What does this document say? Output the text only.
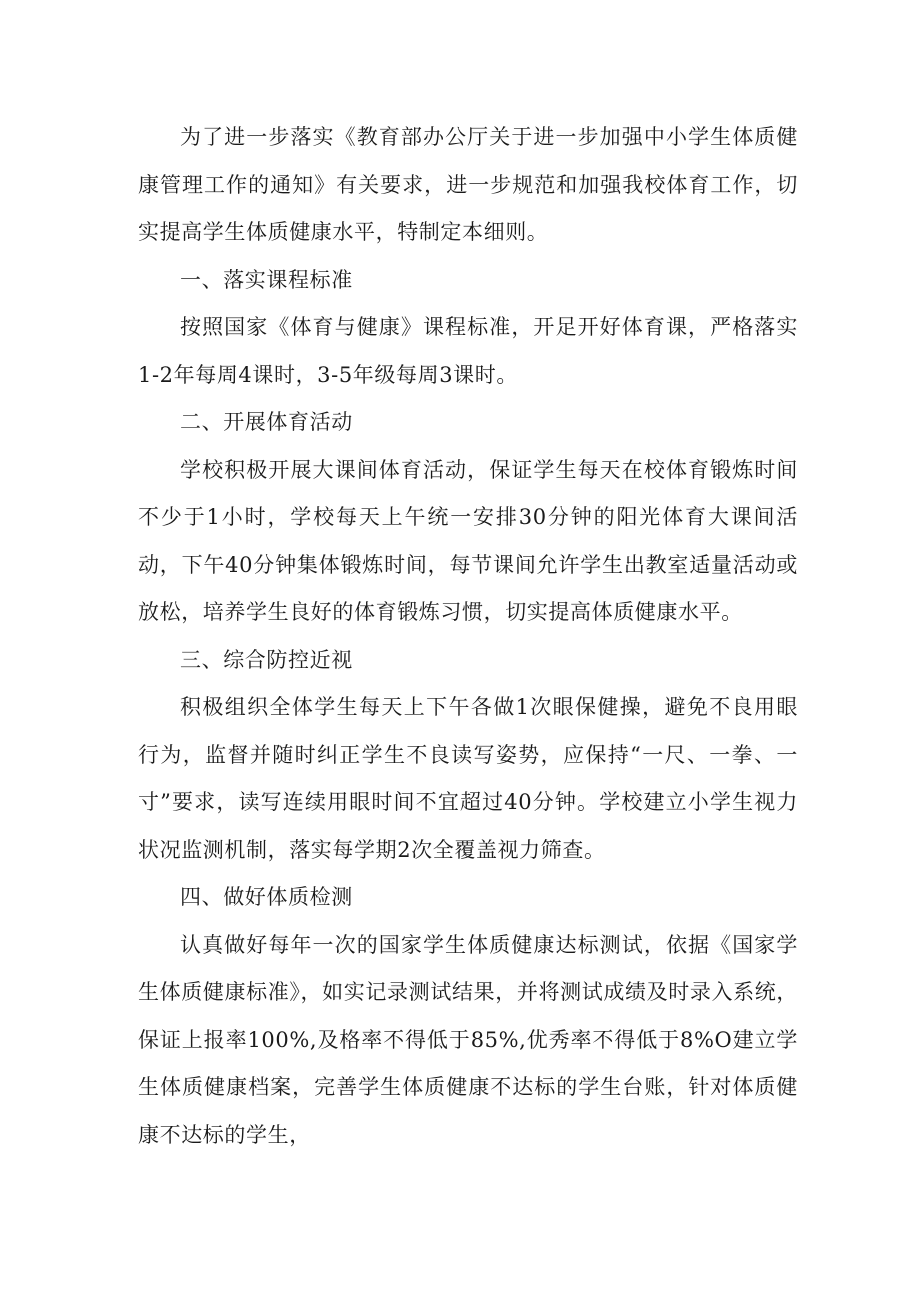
为了进一步落实《教育部办公厅关于进一步加强中小学生体质健康管理工作的通知》有关要求，进一步规范和加强我校体育工作，切实提高学生体质健康水平，特制定本细则。

一、落实课程标准

按照国家《体育与健康》课程标准，开足开好体育课，严格落实1-2年每周4课时，3-5年级每周3课时。

二、开展体育活动

学校积极开展大课间体育活动，保证学生每天在校体育锻炼时间不少于1小时，学校每天上午统一安排30分钟的阳光体育大课间活动，下午40分钟集体锻炼时间，每节课间允许学生出教室适量活动或放松，培养学生良好的体育锻炼习惯，切实提高体质健康水平。

三、综合防控近视

积极组织全体学生每天上下午各做1次眼保健操，避免不良用眼行为，监督并随时纠正学生不良读写姿势，应保持“一尺、一拳、一寸”要求，读写连续用眼时间不宜超过40分钟。学校建立小学生视力状况监测机制，落实每学期2次全覆盖视力筛查。

四、做好体质检测

认真做好每年一次的国家学生体质健康达标测试，依据《国家学生体质健康标准》，如实记录测试结果，并将测试成绩及时录入系统，保证上报率100%,及格率不得低于85%,优秀率不得低于8%O建立学生体质健康档案，完善学生体质健康不达标的学生台账，针对体质健康不达标的学生，
